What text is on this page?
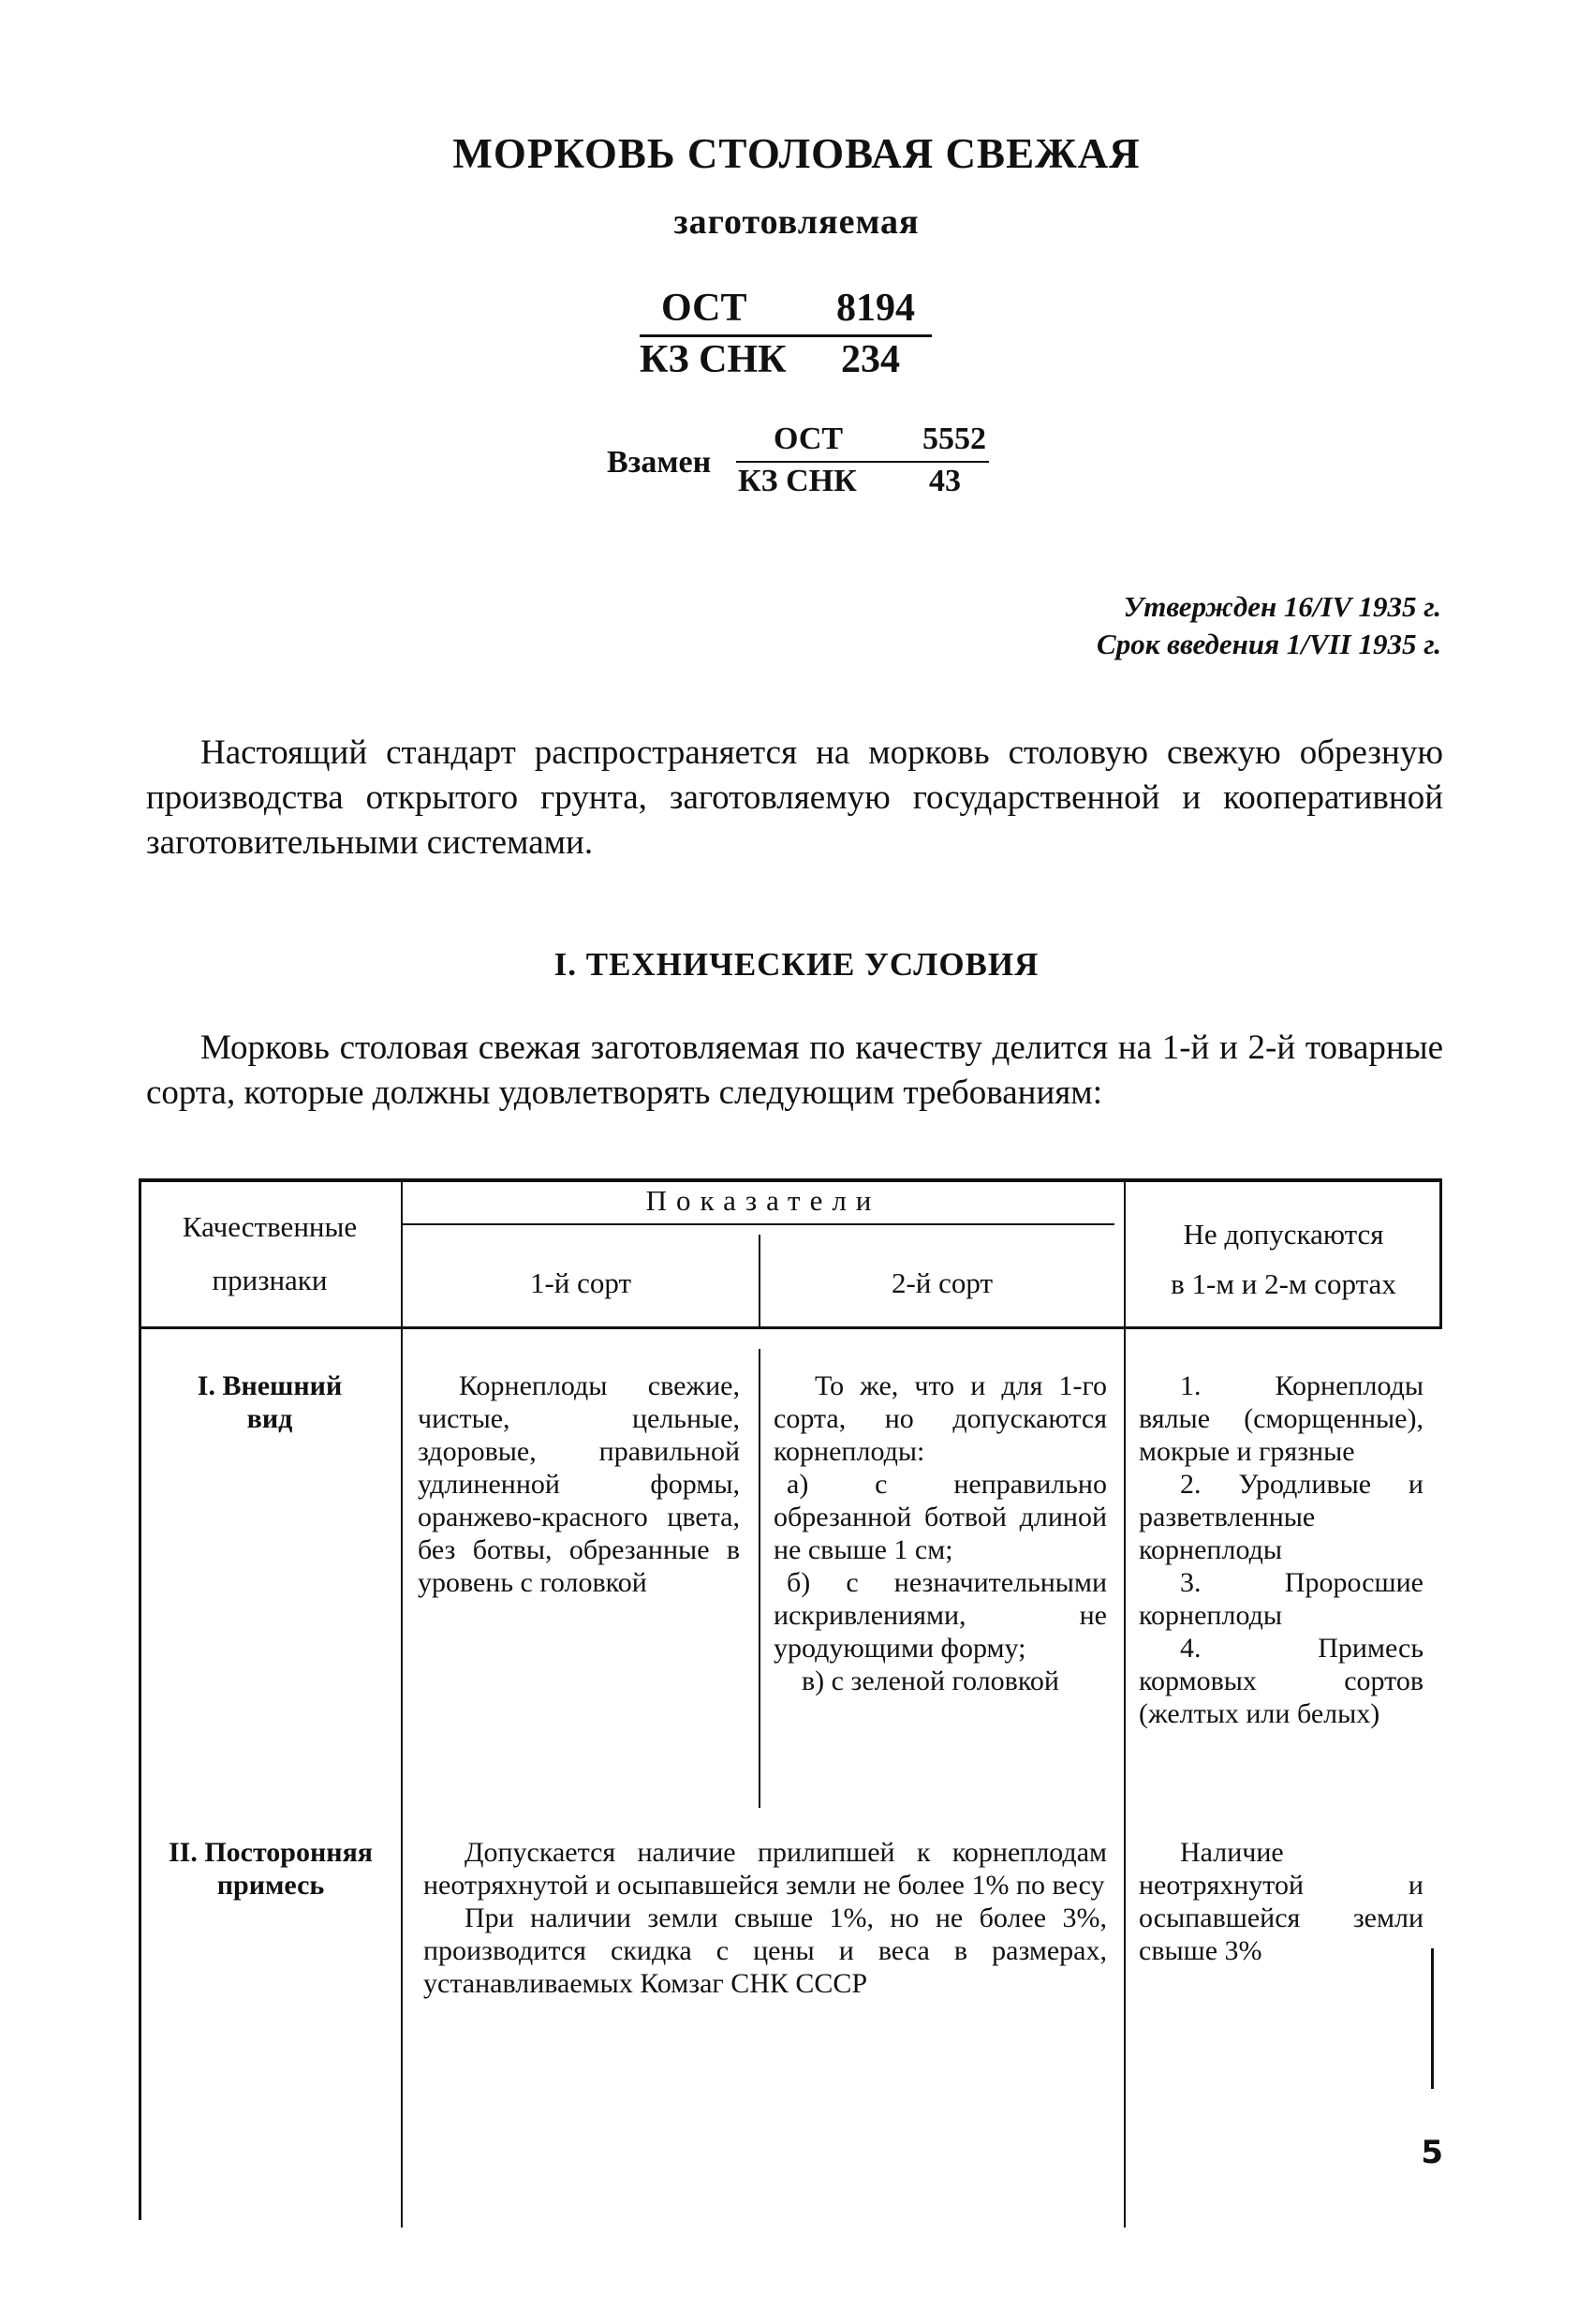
МОРКОВЬ СТОЛОВАЯ СВЕЖАЯ
заготовляемая
ОСТ 8194
КЗ СНК 234
Взамен
ОСТ 5552
КЗ СНК 43
Утвержден 16/IV 1935 г.
Срок введения 1/VII 1935 г.
Настоящий стандарт распространяется на морковь столовую свежую обрезную производства открытого грунта, заготовляемую государственной и кооперативной заготовительными системами.
I. ТЕХНИЧЕСКИЕ УСЛОВИЯ
Морковь столовая свежая заготовляемая по качеству делится на 1-й и 2-й товарные сорта, которые должны удовлетворять следующим требованиям:
Качественные
признаки
Показатели
1-й сорт	2-й сорт
Не допускаются
в 1-м и 2-м сортах
I. Внешний
вид
Корнеплоды свежие, чистые, цельные, здоровые, правильной удлиненной формы, оранжево-красного цвета, без ботвы, обрезанные в уровень с головкой
То же, что и для 1-го сорта, но допускаются корнеплоды:
а) с неправильно обрезанной ботвой длиной не свыше 1 см;
б) с незначительными искривлениями, не уродующими форму;
в) с зеленой головкой
1. Корнеплоды вялые (сморщенные), мокрые и грязные
2. Уродливые и разветвленные корнеплоды
3. Проросшие корнеплоды
4. Примесь кормовых сортов (желтых или белых)
II. Посторонняя
примесь
Допускается наличие прилипшей к корнеплодам неотряхнутой и осыпавшейся земли не более 1% по весу
При наличии земли свыше 1%, но не более 3%, производится скидка с цены и веса в размерах, устанавливаемых Комзаг СНК СССР
Наличие неотряхнутой и осыпавшейся земли свыше 3%
5
